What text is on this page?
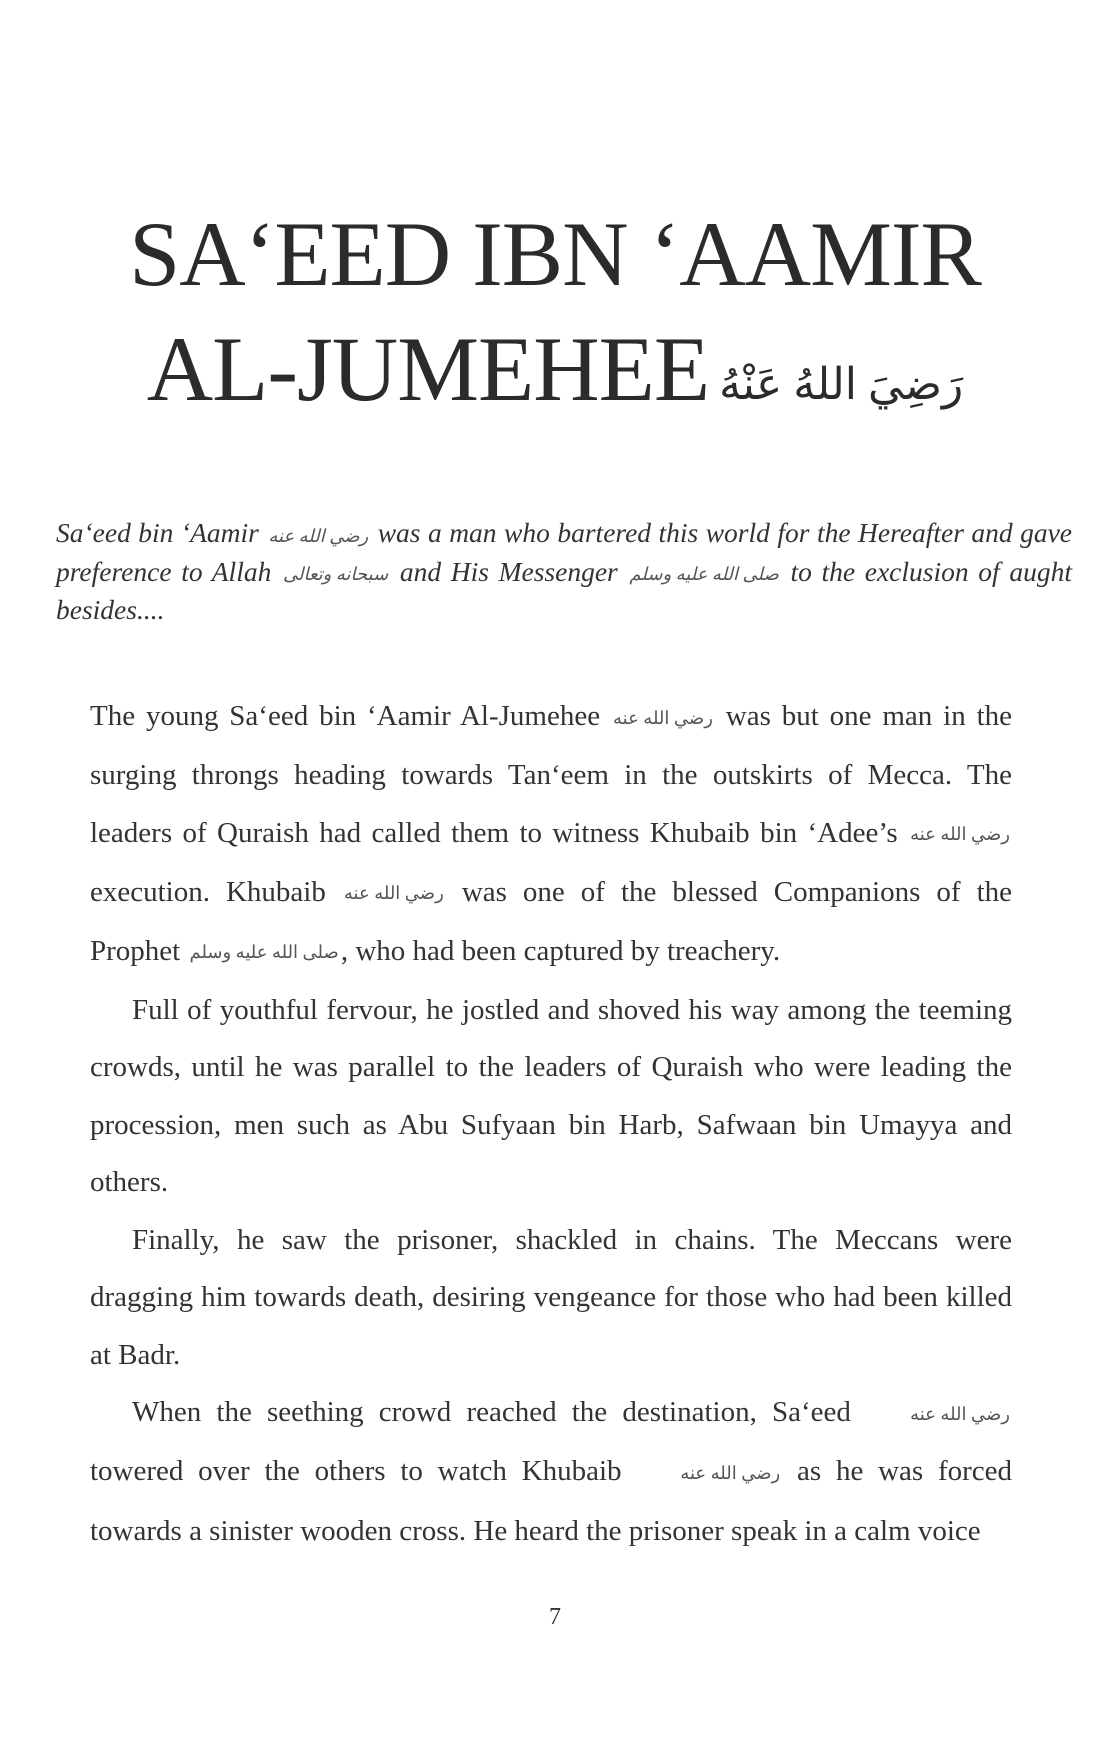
SA‘EED IBN ‘AAMIR
AL-JUMEHEE رَضِيَ اللهُ عَنْهُ

Sa‘eed bin ‘Aamir رضي الله عنه was a man who bartered this world for the Hereafter and gave preference to Allah سبحانه وتعالى and His Messenger صلى الله عليه وسلم to the exclusion of aught besides....

The young Sa‘eed bin ‘Aamir Al-Jumehee رضي الله عنه was but one man in the surging throngs heading towards Tan‘eem in the outskirts of Mecca. The leaders of Quraish had called them to witness Khubaib bin ‘Adee’s رضي الله عنه execution. Khubaib رضي الله عنه was one of the blessed Companions of the Prophet صلى الله عليه وسلم, who had been captured by treachery.

Full of youthful fervour, he jostled and shoved his way among the teeming crowds, until he was parallel to the leaders of Quraish who were leading the procession, men such as Abu Sufyaan bin Harb, Safwaan bin Umayya and others.

Finally, he saw the prisoner, shackled in chains. The Meccans were dragging him towards death, desiring vengeance for those who had been killed at Badr.

When the seething crowd reached the destination, Sa‘eed	رضي الله عنه towered over the others to watch Khubaib	رضي الله عنه as he was forced towards a sinister wooden cross. He heard the prisoner speak in a calm voice

7
